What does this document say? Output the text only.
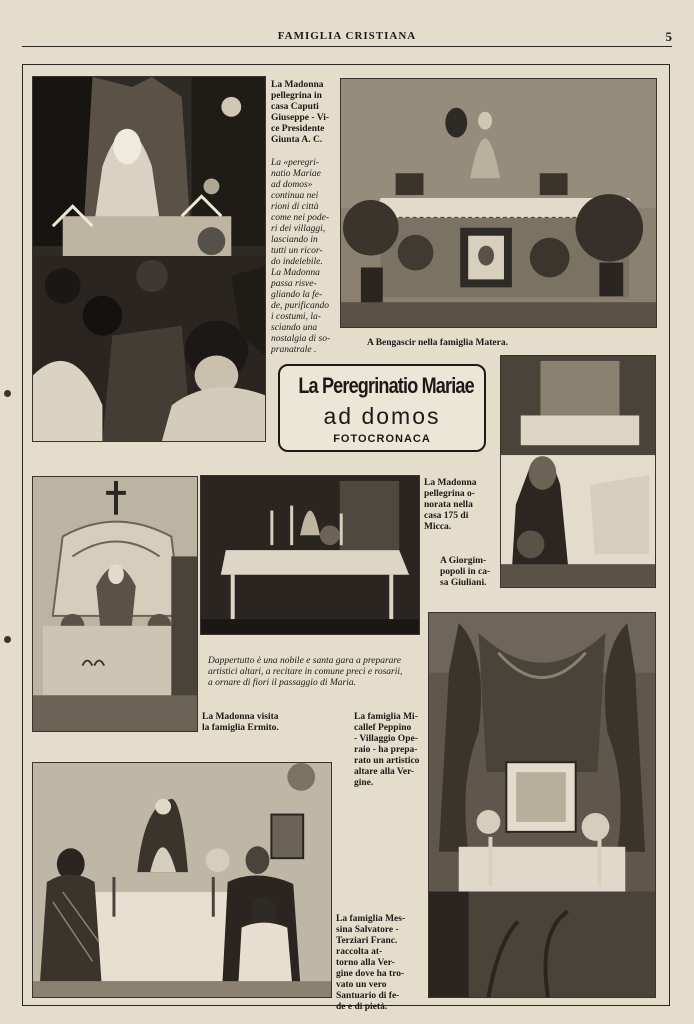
FAMIGLIA CRISTIANA	5
La Madonna
pellegrina in
casa Caputi
Giuseppe - Vi-
ce Presidente
Giunta A. C.
La «peregri-
natio Mariae
ad domos»
continua nei
rioni di città
come nei pode-
ri dei villaggi,
lasciando in
tutti un ricor-
do indelebile.
La Madonna
passa risve-
gliando la fe-
de, purificando
i costumi, la-
sciando una
nostalgia di so-
pranatrale .
A Bengascir nella famiglia Matera.
La Peregrinatio Mariae
ad domos
FOTOCRONACA
A Giorgim-
popoli in ca-
sa Giuliani.
La Madonna
pellegrina o-
norata nella
casa 175 di
Micca.
Dappertutto è una nobile e santa gara a preparare
artistici altari, a recitare in comune preci e rosarii,
a ornare di fiori il passaggio di Maria.
La Madonna visita
la famiglia Ermito.
La famiglia Mi-
callef Peppino
- Villaggio Ope-
raio - ha prepa-
rato un artistico
altare alla Ver-
gine.
La famiglia Mes-
sina Salvatore -
Terziari Franc.
raccolta at-
torno alla Ver-
gine dove ha tro-
vato un vero
Santuario di fe-
de e di pietà.
